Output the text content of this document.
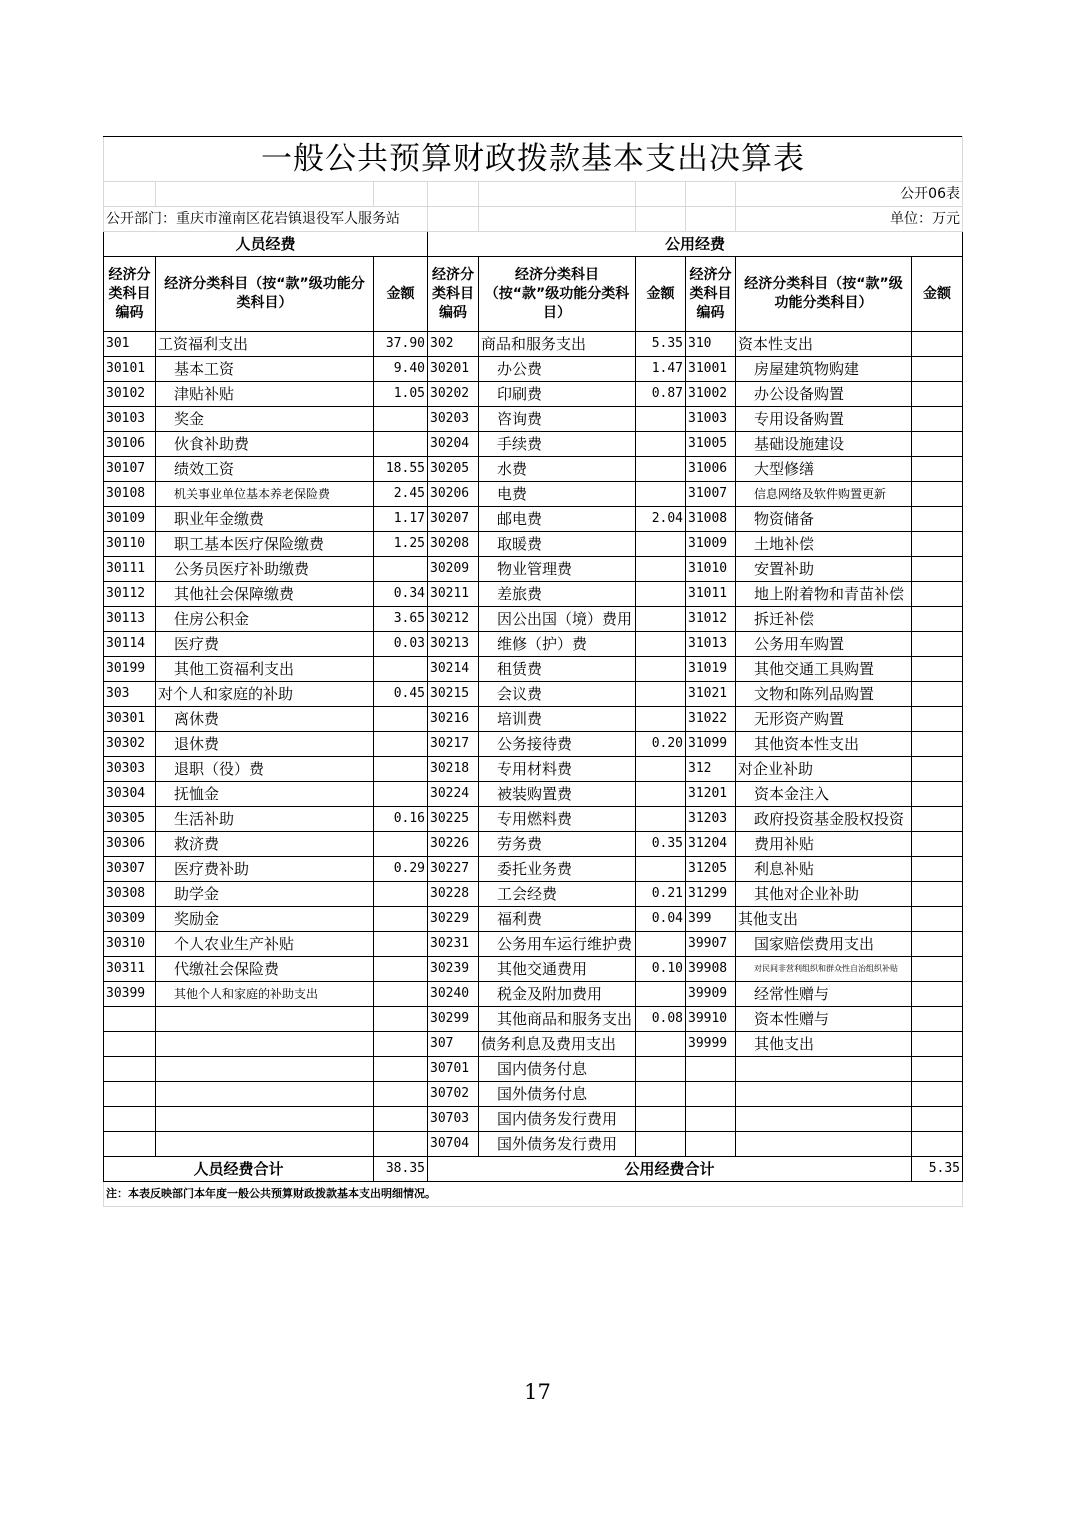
一般公共预算财政拨款基本支出决算表								
							公开06表	
公开部门：重庆市潼南区花岩镇退役军人服务站							单位：万元	
人员经费			公用经费					
经济分类科目编码	经济分类科目（按“款”级功能分类科目）	金额	经济分类科目编码	经济分类科目（按“款”级功能分类科目）	金额	经济分类科目编码	经济分类科目（按“款”级功能分类科目）	金额
301	工资福利支出	37.90	302	商品和服务支出	5.35	310	资本性支出	
30101	基本工资	9.40	30201	办公费	1.47	31001	房屋建筑物购建	
30102	津贴补贴	1.05	30202	印刷费	0.87	31002	办公设备购置	
30103	奖金		30203	咨询费		31003	专用设备购置	
30106	伙食补助费		30204	手续费		31005	基础设施建设	
30107	绩效工资	18.55	30205	水费		31006	大型修缮	
30108	机关事业单位基本养老保险费	2.45	30206	电费		31007	信息网络及软件购置更新	
30109	职业年金缴费	1.17	30207	邮电费	2.04	31008	物资储备	
30110	职工基本医疗保险缴费	1.25	30208	取暖费		31009	土地补偿	
30111	公务员医疗补助缴费		30209	物业管理费		31010	安置补助	
30112	其他社会保障缴费	0.34	30211	差旅费		31011	地上附着物和青苗补偿	
30113	住房公积金	3.65	30212	因公出国（境）费用		31012	拆迁补偿	
30114	医疗费	0.03	30213	维修（护）费		31013	公务用车购置	
30199	其他工资福利支出		30214	租赁费		31019	其他交通工具购置	
303	对个人和家庭的补助	0.45	30215	会议费		31021	文物和陈列品购置	
30301	离休费		30216	培训费		31022	无形资产购置	
30302	退休费		30217	公务接待费	0.20	31099	其他资本性支出	
30303	退职（役）费		30218	专用材料费		312	对企业补助	
30304	抚恤金		30224	被装购置费		31201	资本金注入	
30305	生活补助	0.16	30225	专用燃料费		31203	政府投资基金股权投资	
30306	救济费		30226	劳务费	0.35	31204	费用补贴	
30307	医疗费补助	0.29	30227	委托业务费		31205	利息补贴	
30308	助学金		30228	工会经费	0.21	31299	其他对企业补助	
30309	奖励金		30229	福利费	0.04	399	其他支出	
30310	个人农业生产补贴		30231	公务用车运行维护费		39907	国家赔偿费用支出	
30311	代缴社会保险费		30239	其他交通费用	0.10	39908	对民间非营利组织和群众性自治组织补贴	
30399	其他个人和家庭的补助支出		30240	税金及附加费用		39909	经常性赠与	
			30299	其他商品和服务支出	0.08	39910	资本性赠与	
			307	债务利息及费用支出		39999	其他支出	
			30701	国内债务付息				
			30702	国外债务付息				
			30703	国内债务发行费用				
			30704	国外债务发行费用				
人员经费合计		38.35	公用经费合计					5.35
注：本表反映部门本年度一般公共预算财政拨款基本支出明细情况。								
17
